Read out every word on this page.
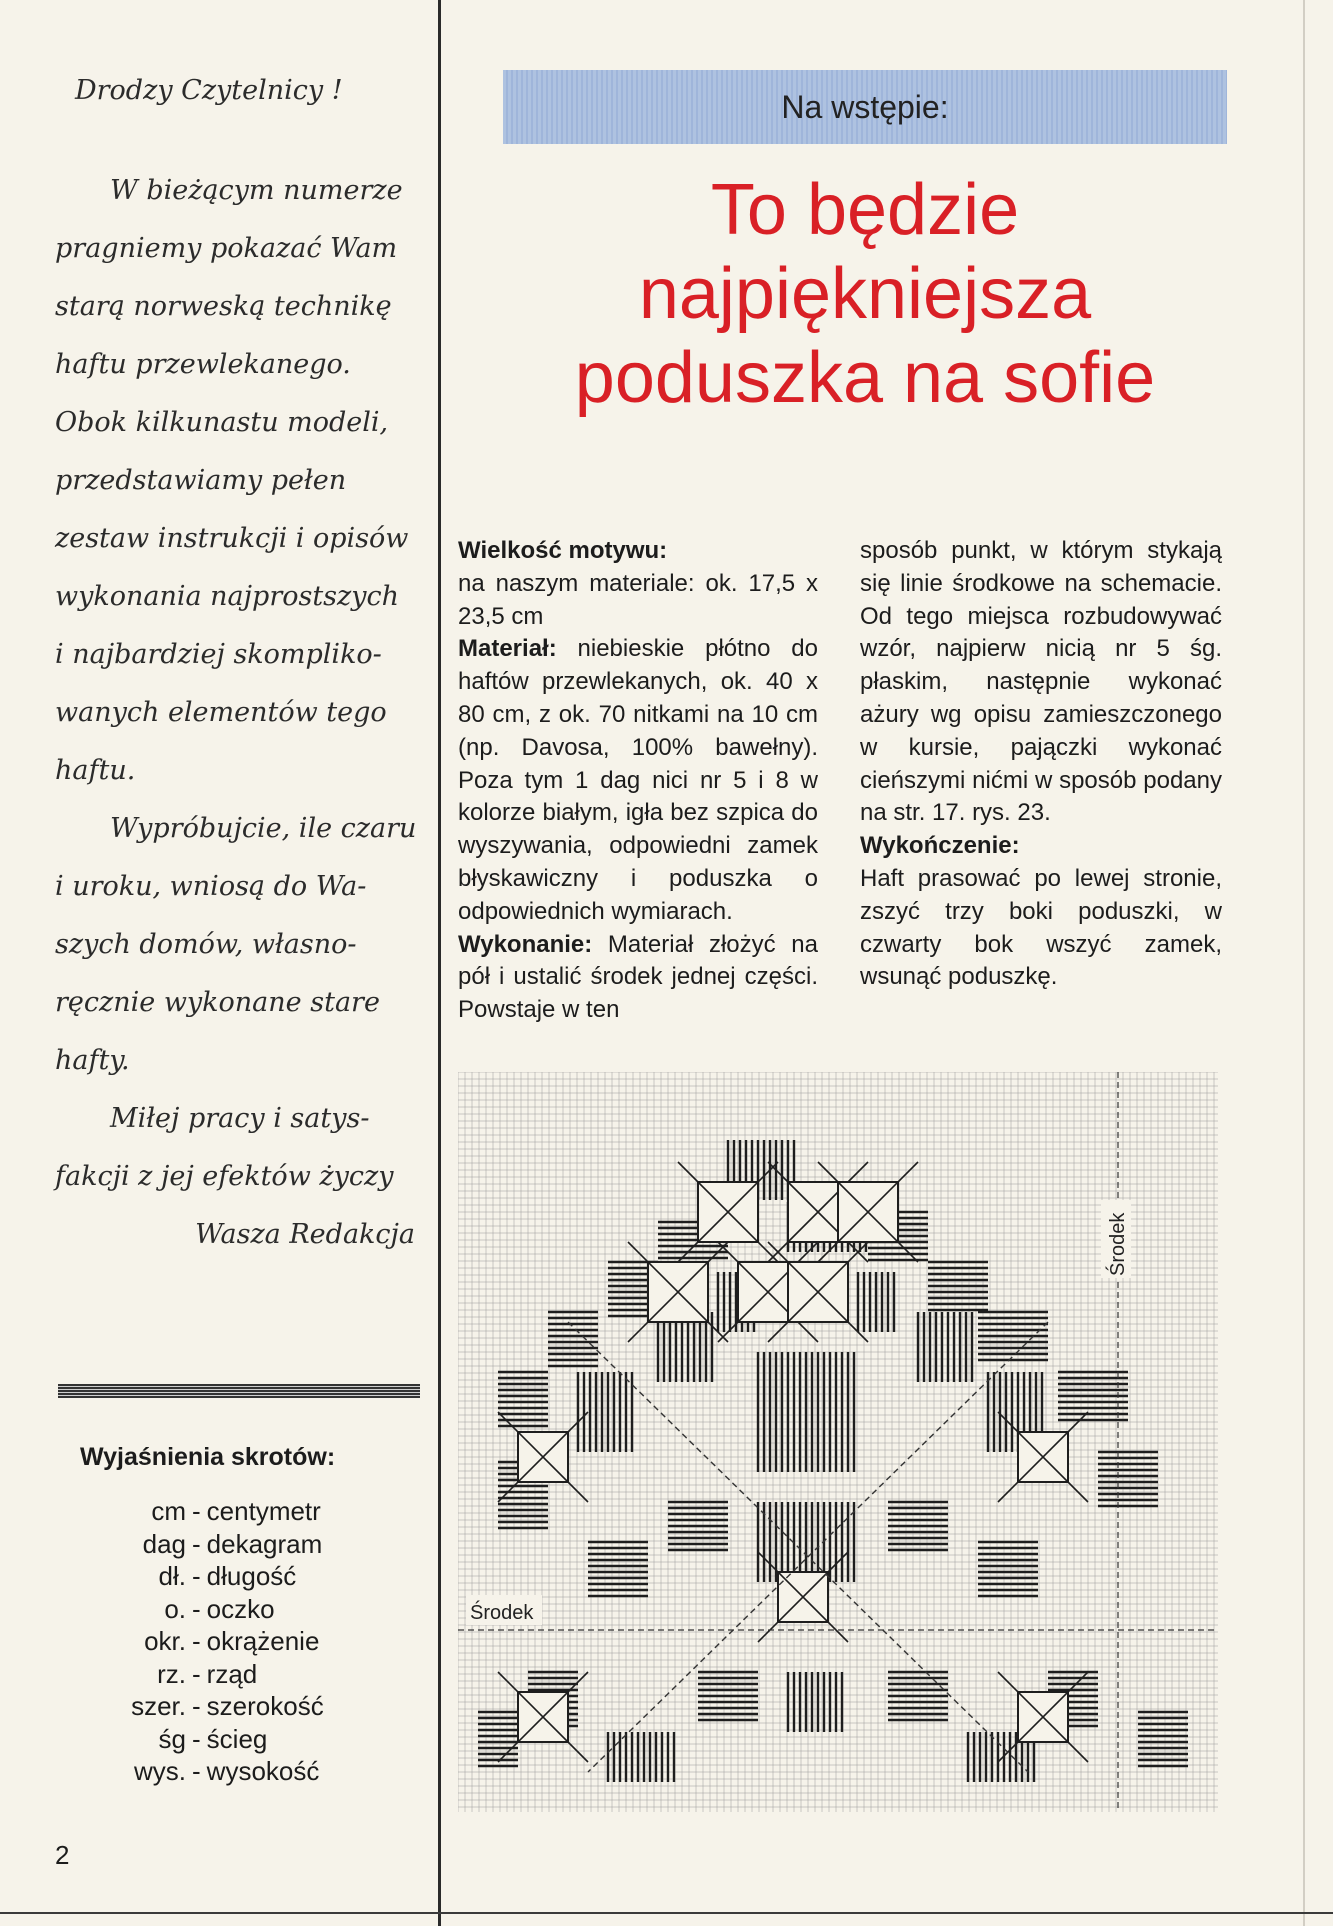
Drodzy Czytelnicy !
W bieżącym numerze
pragniemy pokazać Wam
starą norweską technikę
haftu przewlekanego.
Obok kilkunastu modeli,
przedstawiamy pełen
zestaw instrukcji i opisów
wykonania najprostszych
i najbardziej skompliko-
wanych elementów tego
haftu.
Wypróbujcie, ile czaru
i uroku, wniosą do Wa-
szych domów, własno-
ręcznie wykonane stare
hafty.
Miłej pracy i satys-
fakcji z jej efektów życzy
Wasza Redakcja
Wyjaśnienia skrotów:
cm - centymetr
dag - dekagram
dł. - długość
o. - oczko
okr. - okrążenie
rz. - rząd
szer. - szerokość
śg - ścieg
wys. - wysokość
2
Na wstępie:
To będzie
najpiękniejsza
poduszka na sofie
Wielkość motywu:
na naszym materiale: ok. 17,5 x 23,5 cm
Materiał: niebieskie płótno do haftów przewlekanych, ok. 40 x 80 cm, z ok. 70 nitkami na 10 cm (np. Davosa, 100% bawełny). Poza tym 1 dag nici nr 5 i 8 w kolorze białym, igła bez szpica do wyszywania, odpowiedni zamek błyskawiczny i poduszka o odpowiednich wymiarach.
Wykonanie: Materiał złożyć na pół i ustalić środek jednej części. Powstaje w ten
sposób punkt, w którym stykają się linie środkowe na schemacie. Od tego miejsca rozbudowywać wzór, najpierw nicią nr 5 śg. płaskim, następnie wykonać ażury wg opisu zamieszczonego w kursie, pajączki wykonać cieńszymi nićmi w sposób podany na str. 17. rys. 23.
Wykończenie:
Haft prasować po lewej stronie, zszyć trzy boki poduszki, w czwarty bok wszyć zamek, wsunąć poduszkę.
Środek
Środek
